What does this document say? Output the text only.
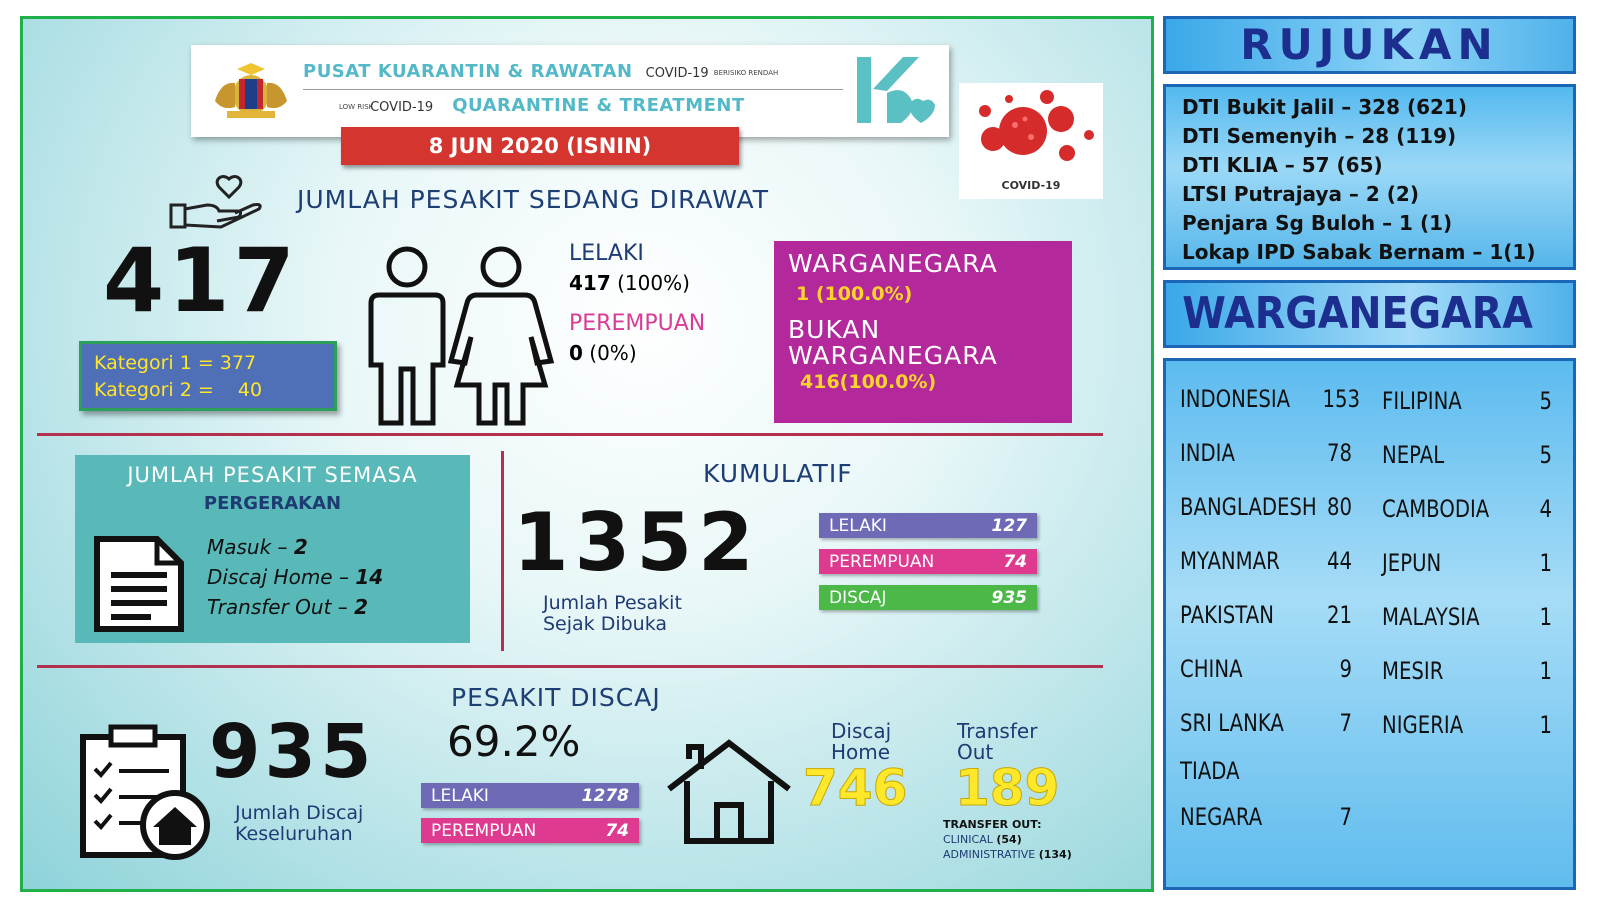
PUSAT KUARANTIN & RAWATAN COVID-19 BERISIKO RENDAH
LOW RISK COVID-19 QUARANTINE & TREATMENT
8 JUN 2020 (ISNIN)
COVID-19
JUMLAH PESAKIT SEDANG DIRAWAT
417
Kategori 1 = 377
Kategori 2 =    40
LELAKI
417 (100%)
PEREMPUAN
0 (0%)
WARGANEGARA
1 (100.0%)
BUKAN
WARGANEGARA
416(100.0%)
JUMLAH PESAKIT SEMASA
PERGERAKAN
Masuk – 2
Discaj Home – 14
Transfer Out – 2
KUMULATIF
1352
Jumlah Pesakit
Sejak Dibuka
LELAKI	127
PEREMPUAN	74
DISCAJ	935
PESAKIT DISCAJ
935
Jumlah Discaj
Keseluruhan
69.2%
LELAKI	1278
PEREMPUAN	74
Discaj
Home
Transfer
Out
746 189
TRANSFER OUT:
CLINICAL (54)
ADMINISTRATIVE (134)
RUJUKAN
DTI Bukit Jalil – 328 (621)
DTI Semenyih – 28 (119)
DTI KLIA – 57 (65)
LTSI Putrajaya – 2 (2)
Penjara Sg Buloh – 1 (1)
Lokap IPD Sabak Bernam – 1(1)
WARGANEGARA
INDONESIA 153
INDIA	78
BANGLADESH 80
MYANMAR 44
PAKISTAN 21
CHINA	9
SRI LANKA	7
TIADA
NEGARA	7
FILIPINA	5
NEPAL	5
CAMBODIA	4
JEPUN	1
MALAYSIA	1
MESIR	1
NIGERIA	1
